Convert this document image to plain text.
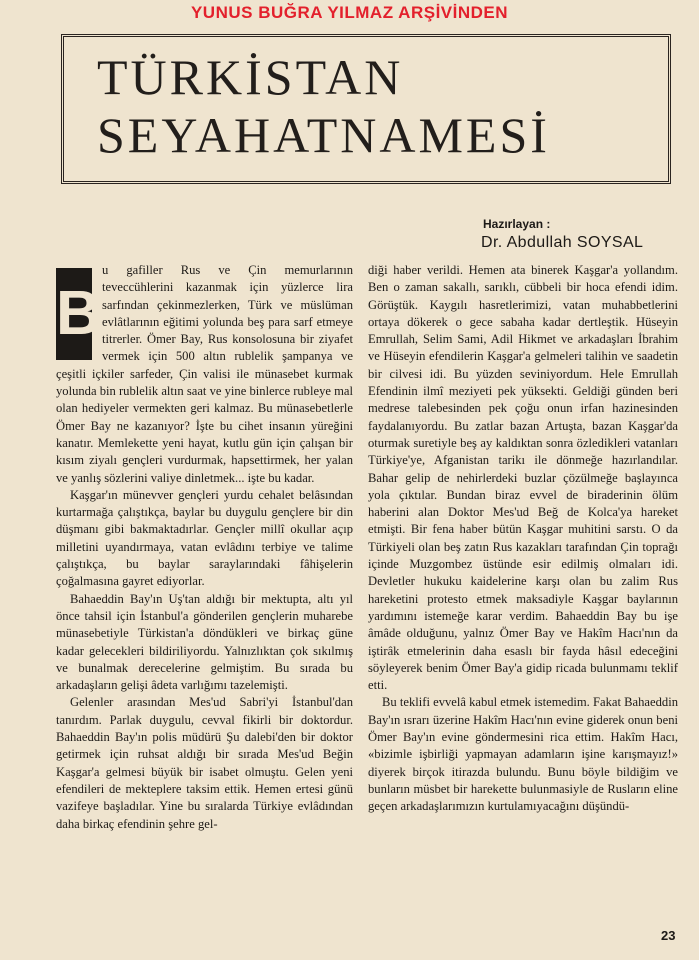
YUNUS BUĞRA YILMAZ ARŞİVİNDEN
TÜRKİSTAN
SEYAHATNAMESİ
Hazırlayan :
Dr. Abdullah SOYSAL
B

u gafiller Rus ve Çin memurlarının teveccühlerini kazanmak için yüzlerce lira sarfından çekinmezlerken, Türk ve müslüman evlâtlarının eğitimi yolunda beş para sarf etmeye titrerler. Ömer Bay, Rus konsolosuna bir ziyafet vermek için 500 altın rublelik şampanya ve çeşitli içkiler sarfeder, Çin valisi ile münasebet kurmak yolunda bin rublelik altın saat ve yine binlerce rubleye mal olan hediyeler vermekten geri kalmaz. Bu münasebetlerle Ömer Bay ne kazanıyor? İşte bu cihet insanın yüreğini kanatır. Memlekette yeni hayat, kutlu gün için çalışan bir kısım ziyalı gençleri vurdurmak, hapsettirmek, her yalan ve yanlış sözlerini valiye dinletmek... işte bu kadar.

Kaşgar'ın münevver gençleri yurdu cehalet belâsından kurtarmağa çalıştıkça, baylar bu duygulu gençlere bir din düşmanı gibi bakmaktadırlar. Gençler millî okullar açıp milletini uyandırmaya, vatan evlâdını terbiye ve talime çalıştıkça, bu baylar saraylarındaki fâhişelerin çoğalmasına gayret ediyorlar.

Bahaeddin Bay'ın Uş'tan aldığı bir mektupta, altı yıl önce tahsil için İstanbul'a gönderilen gençlerin muharebe münasebetiyle Türkistan'a döndükleri ve birkaç güne kadar gelecekleri bildiriliyordu. Yalnızlıktan çok sıkılmış ve bunalmak derecelerine gelmiştim. Bu sırada bu arkadaşların gelişi âdeta varlığımı tazelemişti.

Gelenler arasından Mes'ud Sabri'yi İstanbul'dan tanırdım. Parlak duygulu, cevval fikirli bir doktordur. Bahaeddin Bay'ın polis müdürü Şu dalebi'den bir doktor getirmek için ruhsat aldığı bir sırada Mes'ud Beğin Kaşgar'a gelmesi büyük bir isabet olmuştu. Gelen yeni efendileri de mekteplere taksim ettik. Hemen ertesi günü vazifeye başladılar. Yine bu sıralarda Türkiye evlâdından daha birkaç efendinin şehre gel-

diği haber verildi. Hemen ata binerek Kaşgar'a yollandım. Ben o zaman sakallı, sarıklı, cübbeli bir hoca efendi idim. Görüştük. Kaygılı hasretlerimizi, vatan muhabbetlerini ortaya dökerek o gece sabaha kadar dertleştik. Hüseyin Emrullah, Selim Sami, Adil Hikmet ve arkadaşları İbrahim ve Hüseyin efendilerin Kaşgar'a gelmeleri talihin ve saadetin bir cilvesi idi. Bu yüzden seviniyordum. Hele Emrullah Efendinin ilmî meziyeti pek yüksekti. Geldiği günden beri medrese talebesinden pek çoğu onun irfan hazinesinden faydalanıyordu. Bu zatlar bazan Artuşta, bazan Kaşgar'da oturmak suretiyle beş ay kaldıktan sonra özledikleri vatanları Türkiye'ye, Afganistan tarikı ile dönmeğe hazırlandılar. Bahar gelip de nehirlerdeki buzlar çözülmeğe başlayınca yola çıktılar. Bundan biraz evvel de biraderinin ölüm haberini alan Doktor Mes'ud Beğ de Kolca'ya hareket etmişti. Bir fena haber bütün Kaşgar muhitini sarstı. O da Türkiyeli olan beş zatın Rus kazakları tarafından Çin toprağı içinde Muzgombez üstünde esir edilmiş olmaları idi. Devletler hukuku kaidelerine karşı olan bu zalim Rus hareketini protesto etmek maksadiyle Kaşgar baylarının yardımını istemeğe karar verdim. Bahaeddin Bay bu işe âmâde olduğunu, yalnız Ömer Bay ve Hakîm Hacı'nın da iştirâk etmelerinin daha esaslı bir fayda hâsıl edeceğini söyleyerek benim Ömer Bay'a gidip ricada bulunmamı teklif etti.

Bu teklifi evvelâ kabul etmek istemedim. Fakat Bahaeddin Bay'ın ısrarı üzerine Hakîm Hacı'nın evine giderek onun beni Ömer Bay'ın evine göndermesini rica ettim. Hakîm Hacı, «bizimle işbirliği yapmayan adamların işine karışmayız!» diyerek birçok itirazda bulundu. Bunu böyle bildiğim ve bunların müsbet bir harekette bulunmasiyle de Rusların eline geçen arkadaşlarımızın kurtulamıyacağını düşündü-

23
